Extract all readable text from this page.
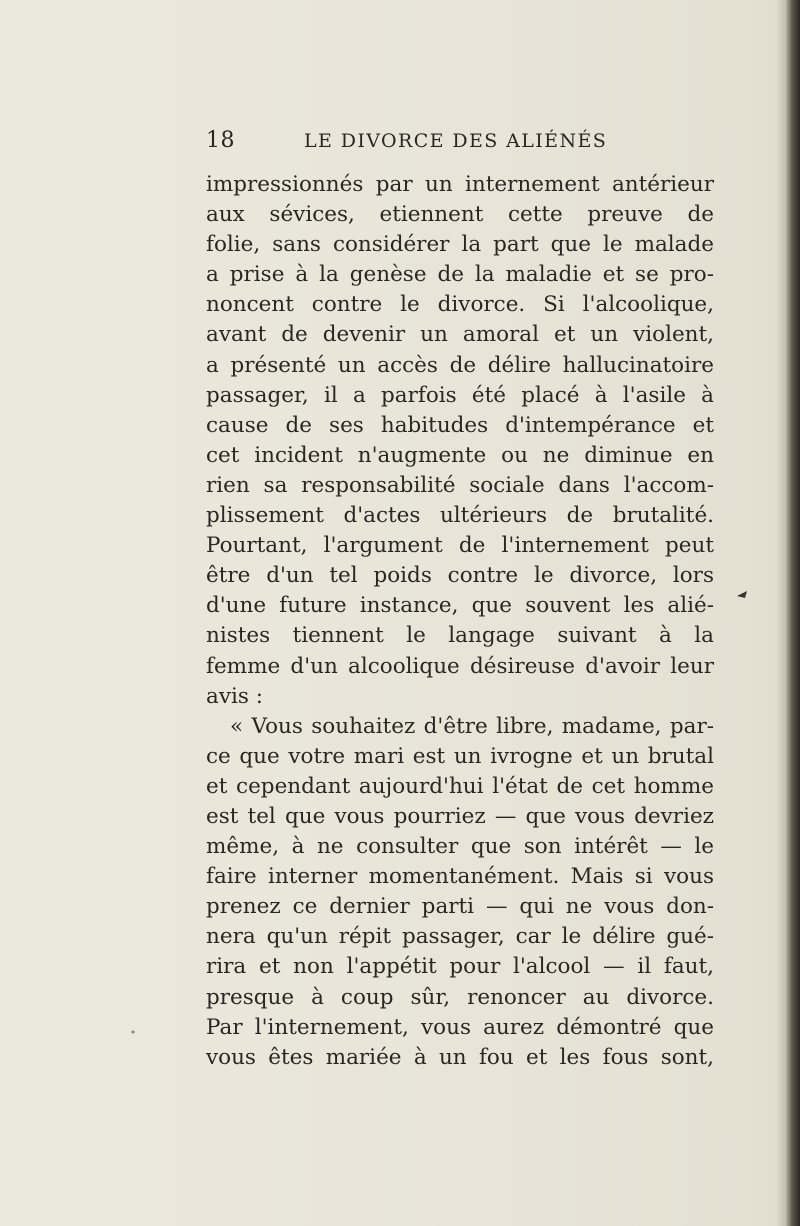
18	LE DIVORCE DES ALIÉNÉS
impressionnés par un internement antérieur
aux sévices, etiennent cette preuve de
folie, sans considérer la part que le malade
a prise à la genèse de la maladie et se pro-
noncent contre le divorce. Si l'alcoolique,
avant de devenir un amoral et un violent,
a présenté un accès de délire hallucinatoire
passager, il a parfois été placé à l'asile à
cause de ses habitudes d'intempérance et
cet incident n'augmente ou ne diminue en
rien sa responsabilité sociale dans l'accom-
plissement d'actes ultérieurs de brutalité.
Pourtant, l'argument de l'internement peut
être d'un tel poids contre le divorce, lors
d'une future instance, que souvent les alié-
nistes tiennent le langage suivant à la
femme d'un alcoolique désireuse d'avoir leur
avis :
« Vous souhaitez d'être libre, madame, par-
ce que votre mari est un ivrogne et un brutal
et cependant aujourd'hui l'état de cet homme
est tel que vous pourriez — que vous devriez
même, à ne consulter que son intérêt — le
faire interner momentanément. Mais si vous
prenez ce dernier parti — qui ne vous don-
nera qu'un répit passager, car le délire gué-
rira et non l'appétit pour l'alcool — il faut,
presque à coup sûr, renoncer au divorce.
Par l'internement, vous aurez démontré que
vous êtes mariée à un fou et les fous sont,
